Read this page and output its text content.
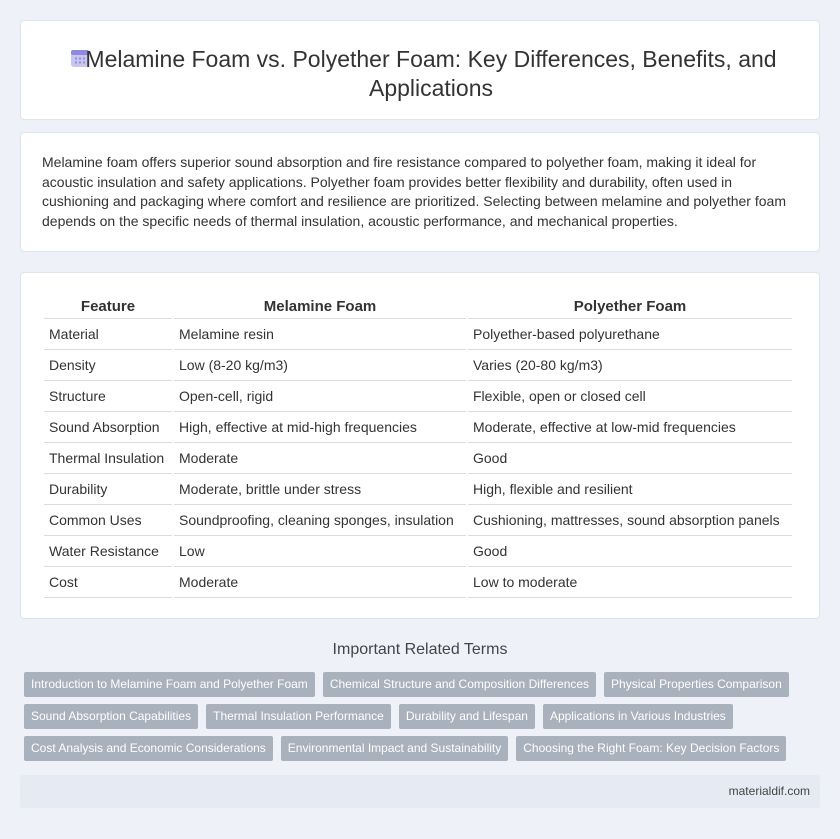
Melamine Foam vs. Polyether Foam: Key Differences, Benefits, and Applications

Melamine foam offers superior sound absorption and fire resistance compared to polyether foam, making it ideal for acoustic insulation and safety applications. Polyether foam provides better flexibility and durability, often used in cushioning and packaging where comfort and resilience are prioritized. Selecting between melamine and polyether foam depends on the specific needs of thermal insulation, acoustic performance, and mechanical properties.

Feature	Melamine Foam	Polyether Foam
Material	Melamine resin	Polyether-based polyurethane
Density	Low (8-20 kg/m3)	Varies (20-80 kg/m3)
Structure	Open-cell, rigid	Flexible, open or closed cell
Sound Absorption	High, effective at mid-high frequencies	Moderate, effective at low-mid frequencies
Thermal Insulation	Moderate	Good
Durability	Moderate, brittle under stress	High, flexible and resilient
Common Uses	Soundproofing, cleaning sponges, insulation	Cushioning, mattresses, sound absorption panels
Water Resistance	Low	Good
Cost	Moderate	Low to moderate
Important Related Terms
Introduction to Melamine Foam and Polyether Foam	Chemical Structure and Composition Differences	Physical Properties Comparison
Sound Absorption Capabilities	Thermal Insulation Performance	Durability and Lifespan	Applications in Various Industries
Cost Analysis and Economic Considerations	Environmental Impact and Sustainability	Choosing the Right Foam: Key Decision Factors
materialdif.com
